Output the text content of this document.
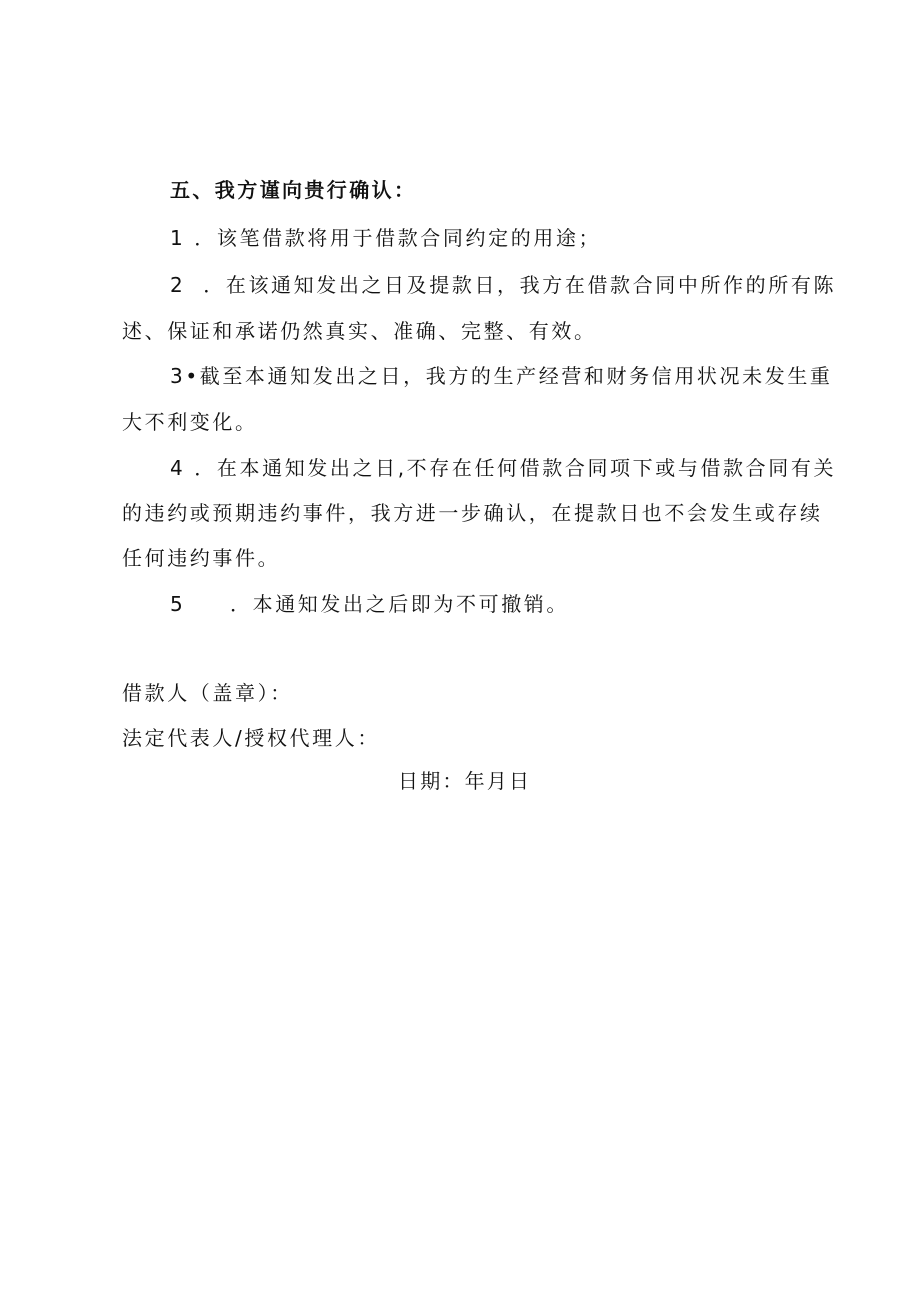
五、我方谨向贵行确认：
1 ．该笔借款将用于借款合同约定的用途；
2 ．在该通知发出之日及提款日，我方在借款合同中所作的所有陈
述、保证和承诺仍然真实、准确、完整、有效。
3•截至本通知发出之日，我方的生产经营和财务信用状况未发生重
大不利变化。
4 ．在本通知发出之日,不存在任何借款合同项下或与借款合同有关
的违约或预期违约事件，我方进一步确认，在提款日也不会发生或存续
任何违约事件。
5 ．本通知发出之后即为不可撤销。
借款人（盖章）：
法定代表人/授权代理人：
日期：年月日
